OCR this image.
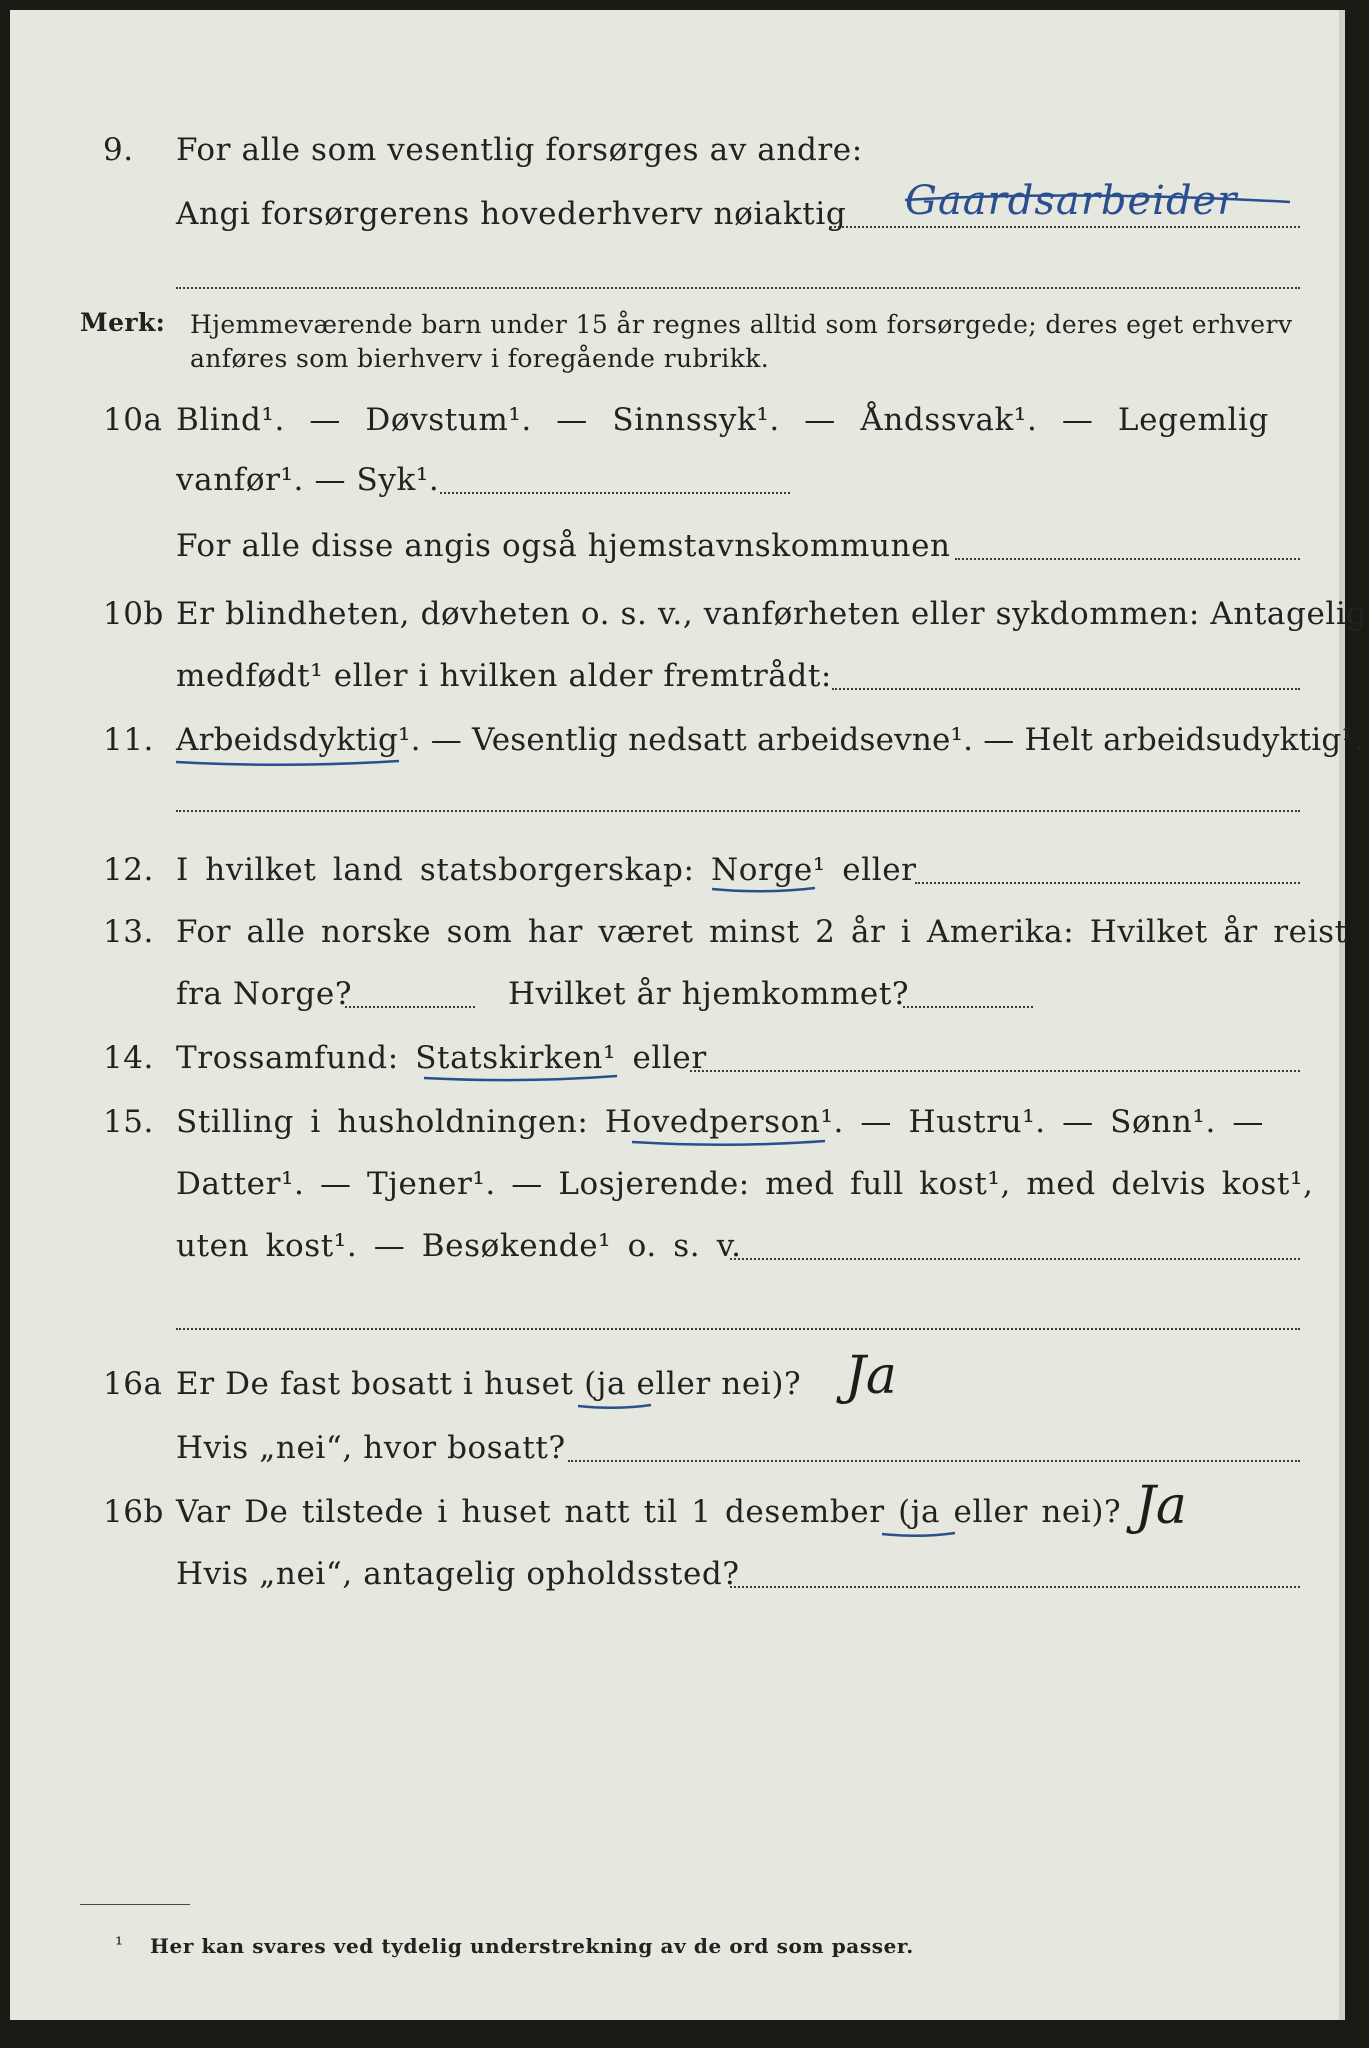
9. For alle som vesentlig forsørges av andre:
Angi forsørgerens hovederhverv nøiaktig Gaardsarbeider
Merk: Hjemmeværende barn under 15 år regnes alltid som forsørgede; deres eget erhverv
anføres som bierhverv i foregående rubrikk.
10a Blind¹. — Døvstum¹. — Sinnssyk¹. — Åndssvak¹. — Legemlig
vanfør¹. — Syk¹.
For alle disse angis også hjemstavnskommunen
10b Er blindheten, døvheten o. s. v., vanførheten eller sykdommen: Antagelig
medfødt¹ eller i hvilken alder fremtrådt:
11. Arbeidsdyktig¹. — Vesentlig nedsatt arbeidsevne¹. — Helt arbeidsudyktig¹.
12. I hvilket land statsborgerskap: Norge¹ eller
13. For alle norske som har været minst 2 år i Amerika: Hvilket år reist
fra Norge?	Hvilket år hjemkommet?
14. Trossamfund: Statskirken¹ eller
15. Stilling i husholdningen: Hovedperson¹. — Hustru¹. — Sønn¹. —
Datter¹. — Tjener¹. — Losjerende: med full kost¹, med delvis kost¹,
uten kost¹. — Besøkende¹ o. s. v.
16a Er De fast bosatt i huset (ja eller nei)? Ja
Hvis „nei“, hvor bosatt?
16b Var De tilstede i huset natt til 1 desember (ja eller nei)? Ja
Hvis „nei“, antagelig opholdssted?
¹ Her kan svares ved tydelig understrekning av de ord som passer.
